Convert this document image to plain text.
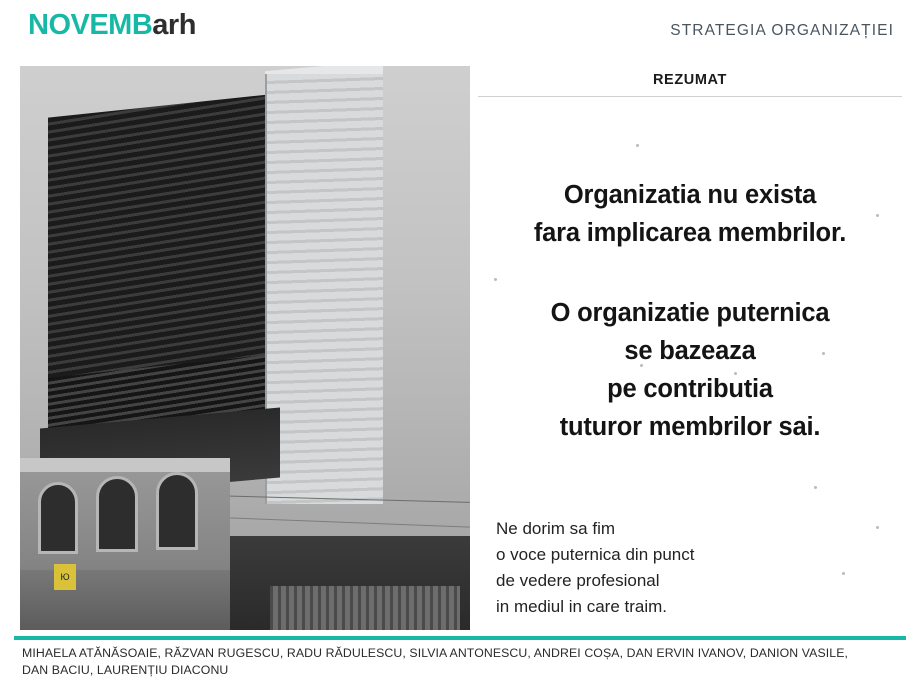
NOVEMBarh	STRATEGIA ORGANIZAȚIEI
Ю
REZUMAT
Organizatia nu exista
fara implicarea membrilor.
O organizatie puternica
se bazeaza
pe contributia
tuturor membrilor sai.
Ne dorim sa fim
o voce puternica din punct
de vedere profesional
in mediul in care traim.
MIHAELA ATĂNĂSOAIE, RĂZVAN RUGESCU, RADU RĂDULESCU, SILVIA ANTONESCU, ANDREI COȘA, DAN ERVIN IVANOV, DANION VASILE,
DAN BACIU, LAURENȚIU DIACONU
